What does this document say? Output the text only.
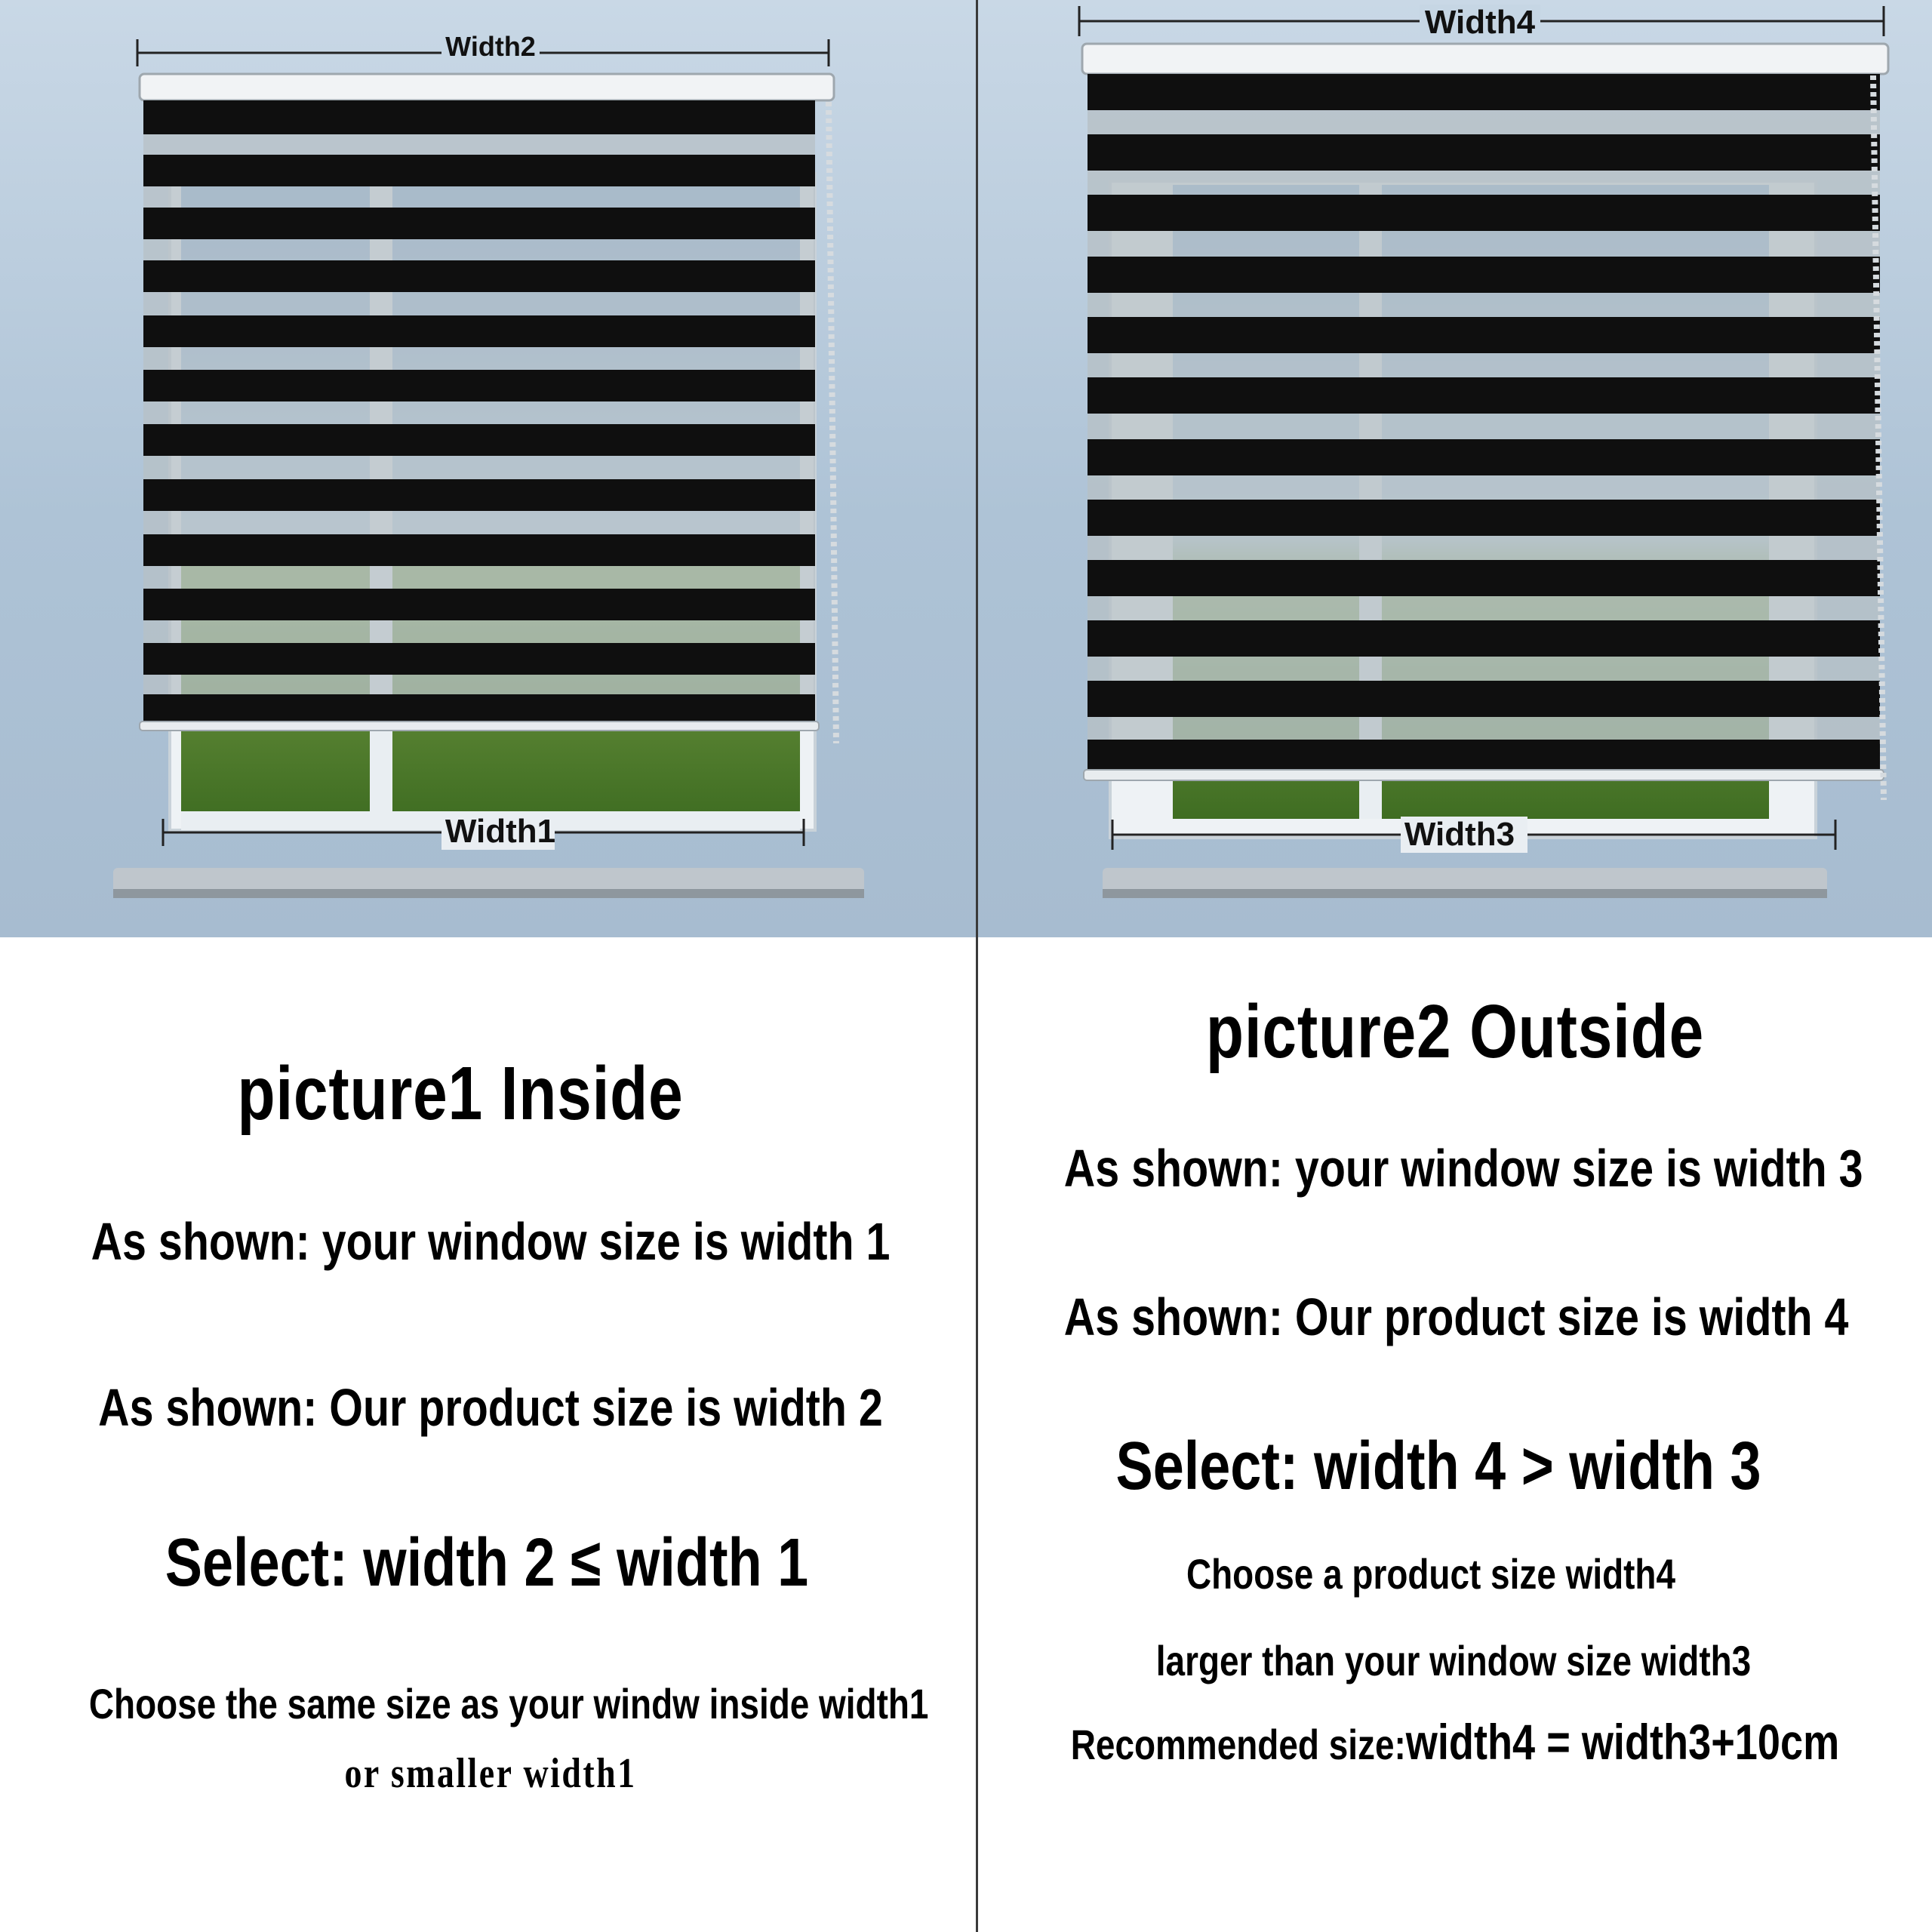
Width2
Width1
Width4
Width3
picture1 Inside
As shown: your window size is width 1
As shown: Our product size is width 2
Select: width 2 ≤ width 1
Choose the same size as your windw inside width1
or smaller width1
picture2 Outside
As shown: your window size is width 3
As shown: Our product size is width 4
Select: width 4 > width 3
Choose a product size width4
larger than your window size width3
Recommended size:width4 = width3+10cm
